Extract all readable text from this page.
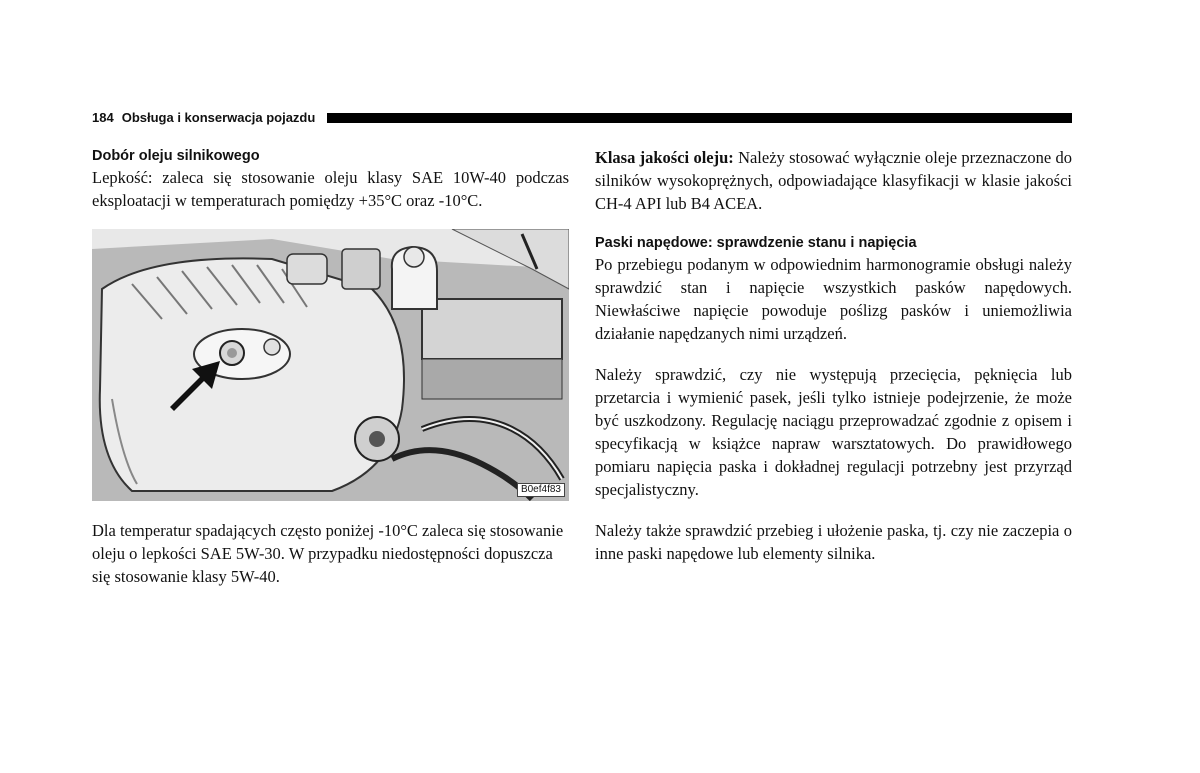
184 Obsługa i konserwacja pojazdu
Dobór oleju silnikowego

Lepkość: zaleca się stosowanie oleju klasy SAE 10W-40 podczas eksploatacji w temperaturach pomiędzy +35°C oraz -10°C.

B0ef4f83

Dla temperatur spadających często poniżej -10°C zaleca się stosowanie oleju o lepkości SAE 5W-30. W przypadku niedostępności dopuszcza się stosowanie klasy 5W-40.

Klasa jakości oleju: Należy stosować wyłącznie oleje przeznaczone do silników wysokoprężnych, odpowiadające klasyfikacji w klasie jakości CH-4 API lub B4 ACEA.

Paski napędowe: sprawdzenie stanu i napięcia

Po przebiegu podanym w odpowiednim harmonogramie obsługi należy sprawdzić stan i napięcie wszystkich pasków napędowych. Niewłaściwe napięcie powoduje poślizg pasków i uniemożliwia działanie napędzanych nimi urządzeń.

Należy sprawdzić, czy nie występują przecięcia, pęknięcia lub przetarcia i wymienić pasek, jeśli tylko istnieje podejrzenie, że może być uszkodzony. Regulację naciągu przeprowadzać zgodnie z opisem i specyfikacją w książce napraw warsztatowych. Do prawidłowego pomiaru napięcia paska i dokładnej regulacji potrzebny jest przyrząd specjalistyczny.

Należy także sprawdzić przebieg i ułożenie paska, tj. czy nie zaczepia o inne paski napędowe lub elementy silnika.
